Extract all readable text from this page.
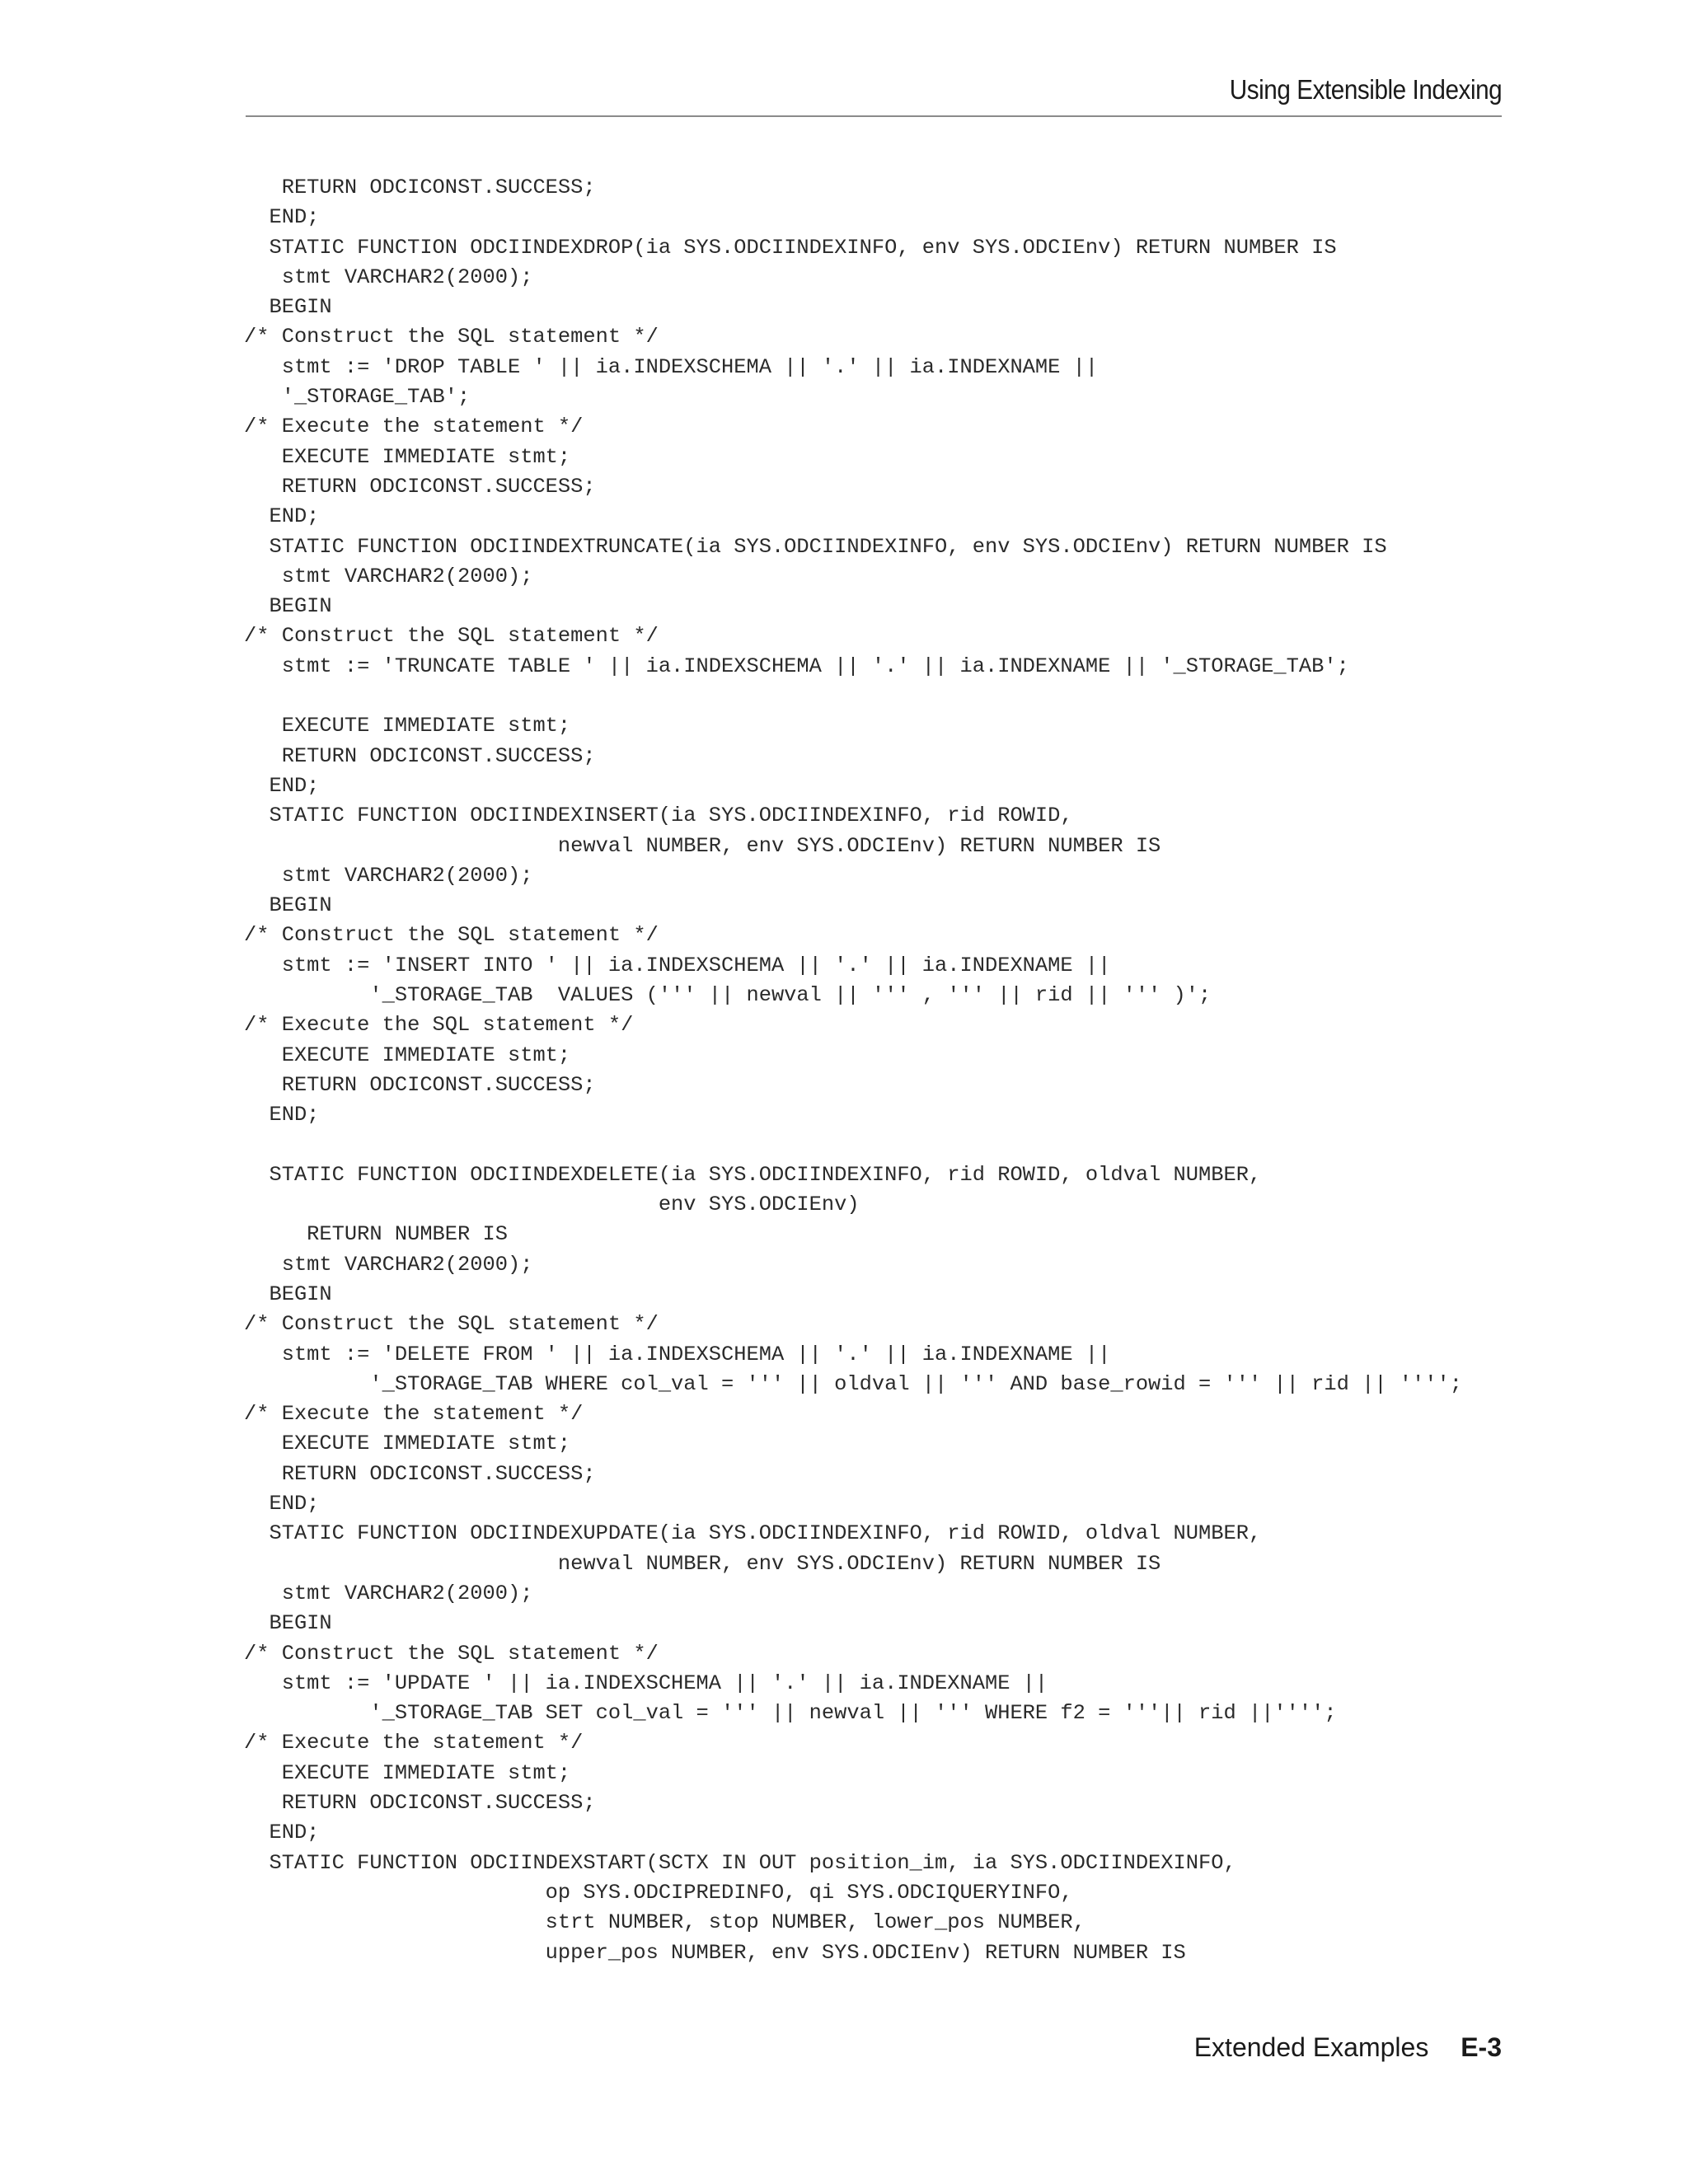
Using Extensible Indexing
RETURN ODCICONST.SUCCESS;
END;
STATIC FUNCTION ODCIINDEXDROP(ia SYS.ODCIINDEXINFO, env SYS.ODCIEnv) RETURN NUMBER IS
stmt VARCHAR2(2000);
BEGIN
/* Construct the SQL statement */
stmt := 'DROP TABLE ' || ia.INDEXSCHEMA || '.' || ia.INDEXNAME ||
'_STORAGE_TAB';
/* Execute the statement */
EXECUTE IMMEDIATE stmt;
RETURN ODCICONST.SUCCESS;
END;
STATIC FUNCTION ODCIINDEXTRUNCATE(ia SYS.ODCIINDEXINFO, env SYS.ODCIEnv) RETURN NUMBER IS
stmt VARCHAR2(2000);
BEGIN
/* Construct the SQL statement */
stmt := 'TRUNCATE TABLE ' || ia.INDEXSCHEMA || '.' || ia.INDEXNAME || '_STORAGE_TAB';
EXECUTE IMMEDIATE stmt;
RETURN ODCICONST.SUCCESS;
END;
STATIC FUNCTION ODCIINDEXINSERT(ia SYS.ODCIINDEXINFO, rid ROWID,
newval NUMBER, env SYS.ODCIEnv) RETURN NUMBER IS
stmt VARCHAR2(2000);
BEGIN
/* Construct the SQL statement */
stmt := 'INSERT INTO ' || ia.INDEXSCHEMA || '.' || ia.INDEXNAME ||
'_STORAGE_TAB  VALUES (''' || newval || ''' , ''' || rid || ''' )';
/* Execute the SQL statement */
EXECUTE IMMEDIATE stmt;
RETURN ODCICONST.SUCCESS;
END;
STATIC FUNCTION ODCIINDEXDELETE(ia SYS.ODCIINDEXINFO, rid ROWID, oldval NUMBER,
env SYS.ODCIEnv)
RETURN NUMBER IS
stmt VARCHAR2(2000);
BEGIN
/* Construct the SQL statement */
stmt := 'DELETE FROM ' || ia.INDEXSCHEMA || '.' || ia.INDEXNAME ||
'_STORAGE_TAB WHERE col_val = ''' || oldval || ''' AND base_rowid = ''' || rid || '''';
/* Execute the statement */
EXECUTE IMMEDIATE stmt;
RETURN ODCICONST.SUCCESS;
END;
STATIC FUNCTION ODCIINDEXUPDATE(ia SYS.ODCIINDEXINFO, rid ROWID, oldval NUMBER,
newval NUMBER, env SYS.ODCIEnv) RETURN NUMBER IS
stmt VARCHAR2(2000);
BEGIN
/* Construct the SQL statement */
stmt := 'UPDATE ' || ia.INDEXSCHEMA || '.' || ia.INDEXNAME ||
'_STORAGE_TAB SET col_val = ''' || newval || ''' WHERE f2 = '''|| rid ||'''';
/* Execute the statement */
EXECUTE IMMEDIATE stmt;
RETURN ODCICONST.SUCCESS;
END;
STATIC FUNCTION ODCIINDEXSTART(SCTX IN OUT position_im, ia SYS.ODCIINDEXINFO,
op SYS.ODCIPREDINFO, qi SYS.ODCIQUERYINFO,
strt NUMBER, stop NUMBER, lower_pos NUMBER,
upper_pos NUMBER, env SYS.ODCIEnv) RETURN NUMBER IS
Extended Examples E-3
